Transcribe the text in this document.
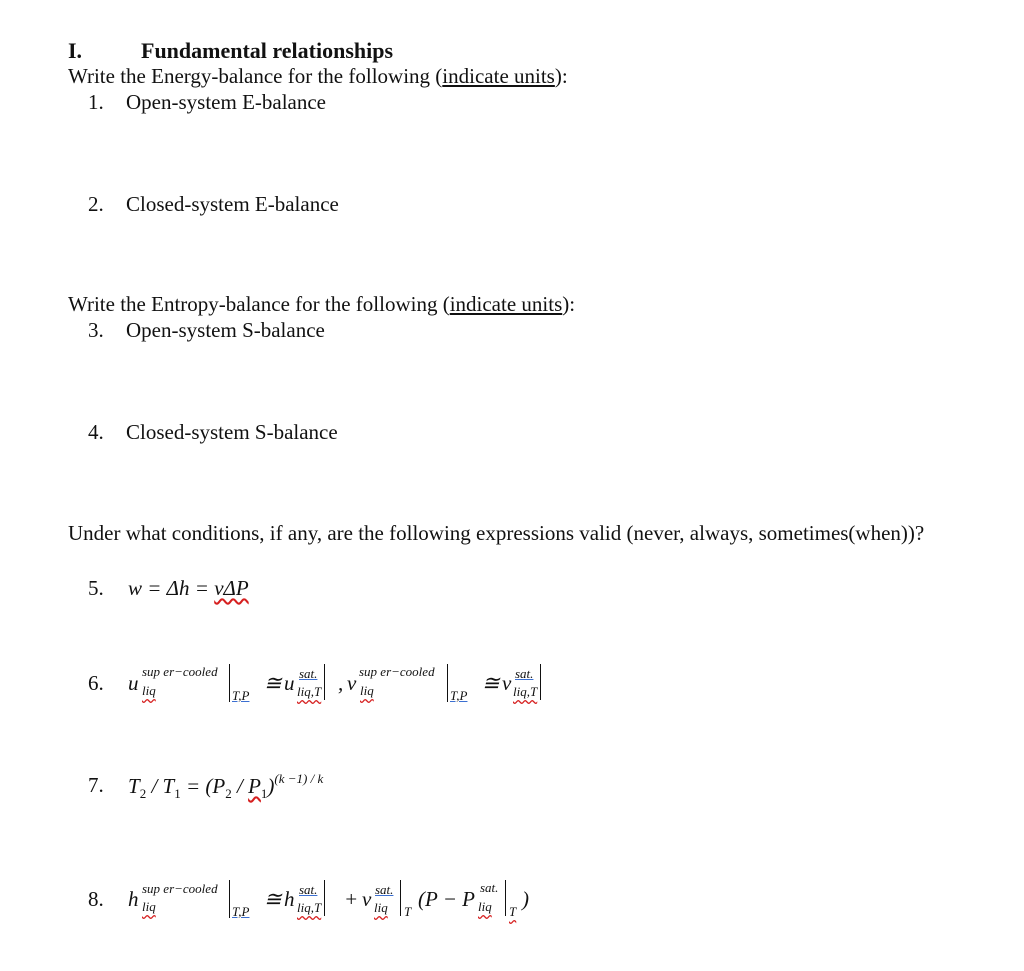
I.	Fundamental relationships
Write the Energy-balance for the following (indicate units):
1. Open-system E-balance
2. Closed-system E-balance
Write the Entropy-balance for the following (indicate units):
3. Open-system S-balance
4. Closed-system S-balance
Under what conditions, if any, are the following expressions valid (never, always, sometimes(when))?
5. w = Δh = vΔP
6. u sup er−cooled
liq	T,P
≅ u sat.
liq,T , v sup er−cooled
liq	T,P
≅ v sat.
liq,T
7. $T_2 / T_1 = (P_2 / P_1)^{(k -1) / k}$
8. h sup er−cooled
liq	T,P
≅ h sat.
liq,T + v sat.
liq T
(P − P sat.
liq T
)
